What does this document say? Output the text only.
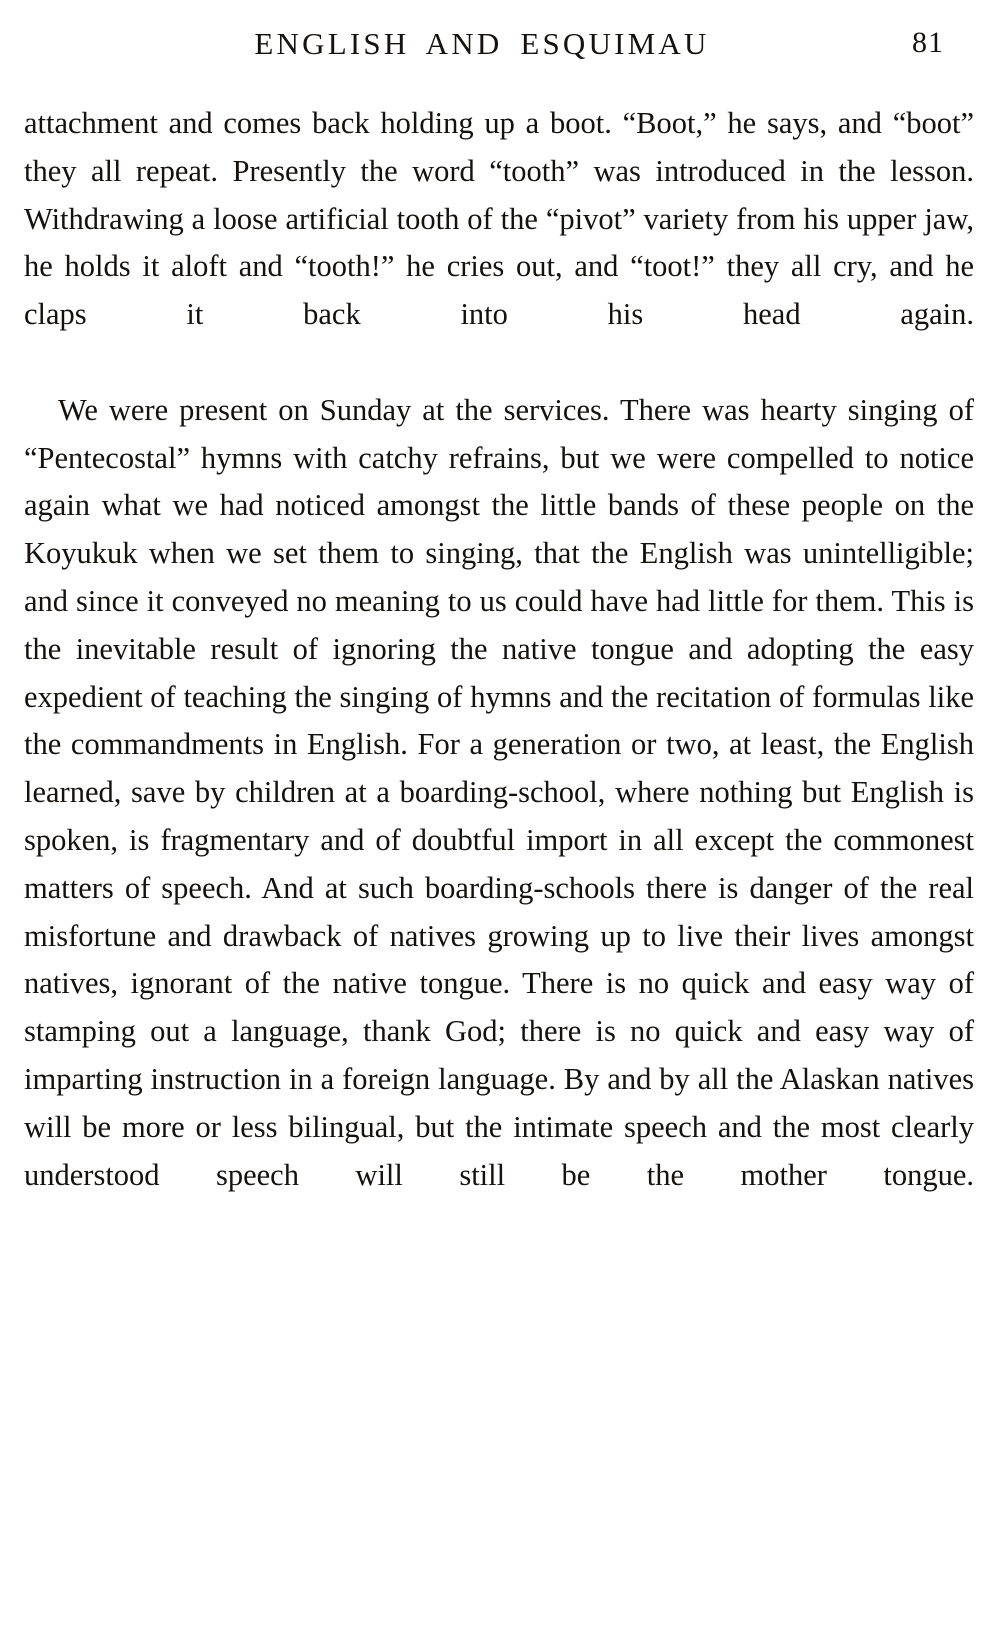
ENGLISH AND ESQUIMAU	81

attachment and comes back holding up a boot. “Boot,” he says, and “boot” they all repeat. Presently the word “tooth” was introduced in the lesson. Withdrawing a loose artificial tooth of the “pivot” variety from his upper jaw, he holds it aloft and “tooth!” he cries out, and “toot!” they all cry, and he claps it back into his head again.

We were present on Sunday at the services. There was hearty singing of “Pentecostal” hymns with catchy refrains, but we were compelled to notice again what we had noticed amongst the little bands of these people on the Koyukuk when we set them to singing, that the English was unintelligible; and since it conveyed no meaning to us could have had little for them. This is the inevitable result of ignoring the native tongue and adopting the easy expedient of teaching the singing of hymns and the recitation of formulas like the commandments in English. For a generation or two, at least, the English learned, save by children at a boarding-school, where nothing but English is spoken, is fragmentary and of doubtful import in all except the commonest matters of speech. And at such boarding-schools there is danger of the real misfortune and drawback of natives growing up to live their lives amongst natives, ignorant of the native tongue. There is no quick and easy way of stamping out a language, thank God; there is no quick and easy way of imparting instruction in a foreign language. By and by all the Alaskan natives will be more or less bilingual, but the intimate speech and the most clearly understood speech will still be the mother tongue.
